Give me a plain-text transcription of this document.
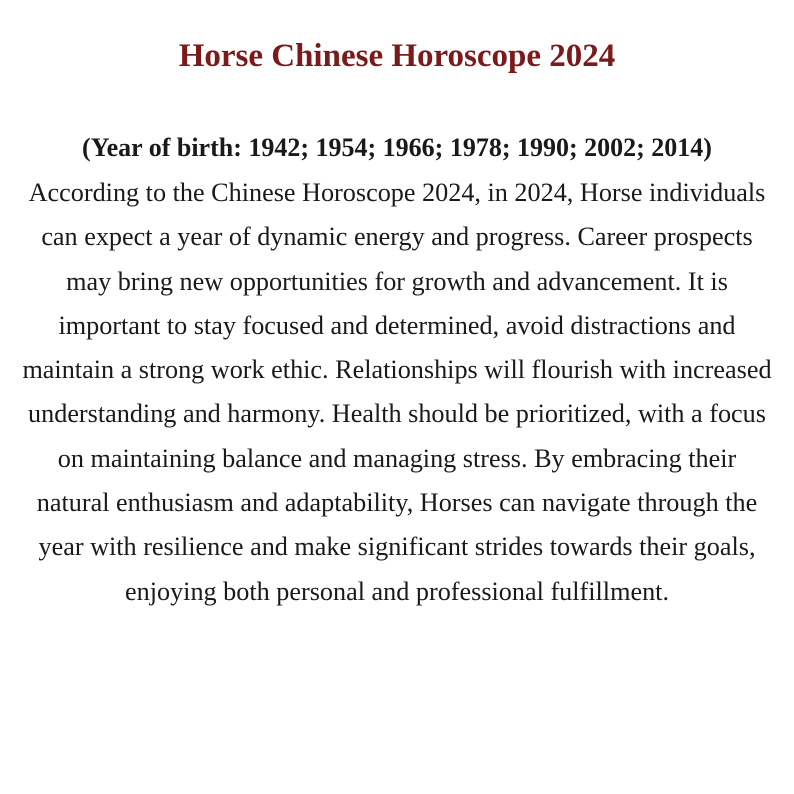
Horse Chinese Horoscope 2024

(Year of birth: 1942; 1954; 1966; 1978; 1990; 2002; 2014)

According to the Chinese Horoscope 2024, in 2024, Horse individuals can expect a year of dynamic energy and progress. Career prospects may bring new opportunities for growth and advancement. It is important to stay focused and determined, avoid distractions and maintain a strong work ethic. Relationships will flourish with increased understanding and harmony. Health should be prioritized, with a focus on maintaining balance and managing stress. By embracing their natural enthusiasm and adaptability, Horses can navigate through the year with resilience and make significant strides towards their goals, enjoying both personal and professional fulfillment.
